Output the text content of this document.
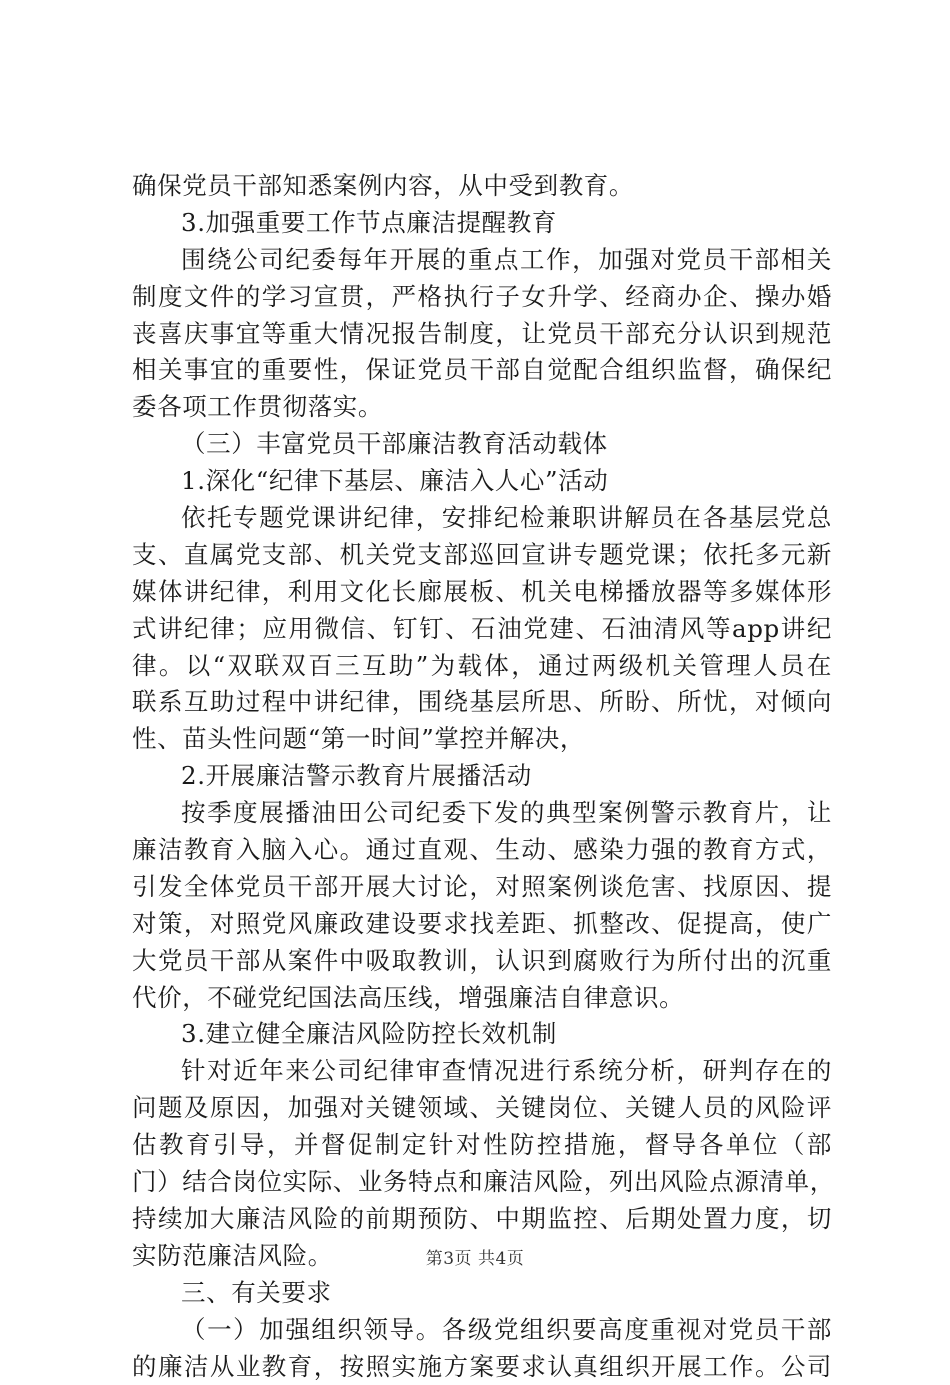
确保党员干部知悉案例内容，从中受到教育。
3.加强重要工作节点廉洁提醒教育
围绕公司纪委每年开展的重点工作，加强对党员干部相关
制度文件的学习宣贯，严格执行子女升学、经商办企、操办婚
丧喜庆事宜等重大情况报告制度，让党员干部充分认识到规范
相关事宜的重要性，保证党员干部自觉配合组织监督，确保纪
委各项工作贯彻落实。
（三）丰富党员干部廉洁教育活动载体
1.深化“纪律下基层、廉洁入人心”活动
依托专题党课讲纪律，安排纪检兼职讲解员在各基层党总
支、直属党支部、机关党支部巡回宣讲专题党课；依托多元新
媒体讲纪律，利用文化长廊展板、机关电梯播放器等多媒体形
式讲纪律；应用微信、钉钉、石油党建、石油清风等app讲纪
律。以“双联双百三互助”为载体，通过两级机关管理人员在
联系互助过程中讲纪律，围绕基层所思、所盼、所忧，对倾向
性、苗头性问题“第一时间”掌控并解决，
2.开展廉洁警示教育片展播活动
按季度展播油田公司纪委下发的典型案例警示教育片，让
廉洁教育入脑入心。通过直观、生动、感染力强的教育方式，
引发全体党员干部开展大讨论，对照案例谈危害、找原因、提
对策，对照党风廉政建设要求找差距、抓整改、促提高，使广
大党员干部从案件中吸取教训，认识到腐败行为所付出的沉重
代价，不碰党纪国法高压线，增强廉洁自律意识。
3.建立健全廉洁风险防控长效机制
针对近年来公司纪律审查情况进行系统分析，研判存在的
问题及原因，加强对关键领域、关键岗位、关键人员的风险评
估教育引导，并督促制定针对性防控措施，督导各单位（部
门）结合岗位实际、业务特点和廉洁风险，列出风险点源清单，
持续加大廉洁风险的前期预防、中期监控、后期处置力度，切
实防范廉洁风险。
三、有关要求
（一）加强组织领导。各级党组织要高度重视对党员干部
的廉洁从业教育，按照实施方案要求认真组织开展工作。公司
第3页 共4页
